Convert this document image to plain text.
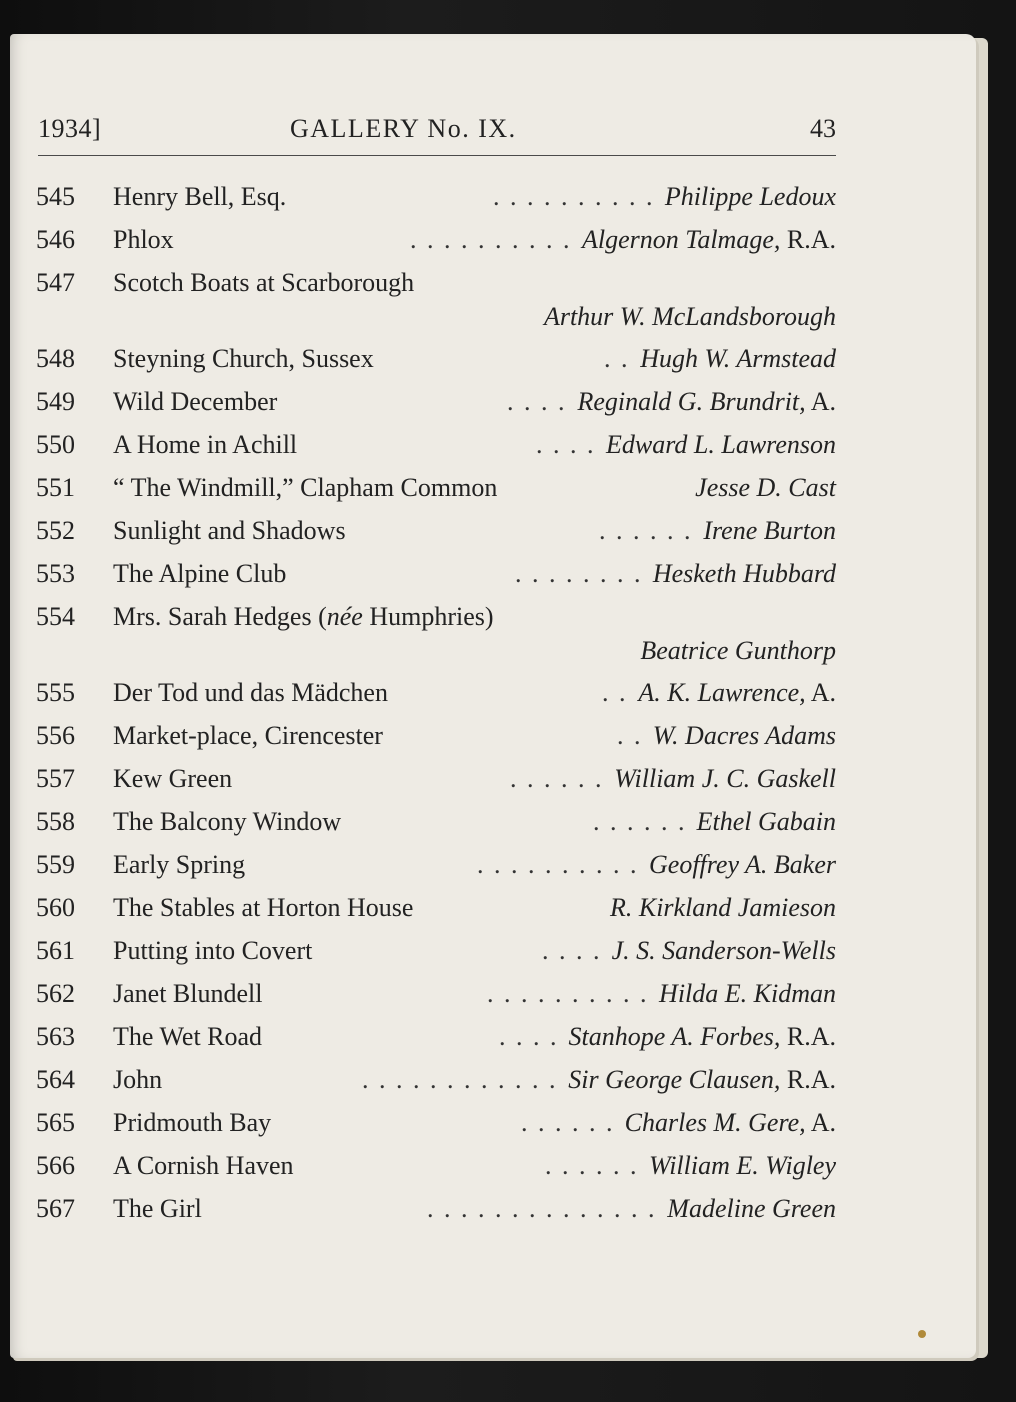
1934]	GALLERY No. IX.	43
545	Henry Bell, Esq.	. . . . . . . . . . Philippe Ledoux
546	Phlox	. . . . . . . . . . Algernon Talmage, R.A.
547	Scotch Boats at Scarborough
Arthur W. McLandsborough
548	Steyning Church, Sussex	. . Hugh W. Armstead
549	Wild December	. . . . Reginald G. Brundrit, A.
550	A Home in Achill	. . . . Edward L. Lawrenson
551	“ The Windmill,” Clapham Common	Jesse D. Cast
552	Sunlight and Shadows	. . . . . . Irene Burton
553	The Alpine Club	. . . . . . . . Hesketh Hubbard
554	Mrs. Sarah Hedges (née Humphries)
Beatrice Gunthorp
555	Der Tod und das Mädchen	. . A. K. Lawrence, A.
556	Market-place, Cirencester	. . W. Dacres Adams
557	Kew Green	. . . . . . William J. C. Gaskell
558	The Balcony Window	. . . . . . Ethel Gabain
559	Early Spring	. . . . . . . . . . Geoffrey A. Baker
560	The Stables at Horton House	R. Kirkland Jamieson
561	Putting into Covert	. . . . J. S. Sanderson-Wells
562	Janet Blundell	. . . . . . . . . . Hilda E. Kidman
563	The Wet Road	. . . . Stanhope A. Forbes, R.A.
564	John	. . . . . . . . . . . . Sir George Clausen, R.A.
565	Pridmouth Bay	. . . . . . Charles M. Gere, A.
566	A Cornish Haven	. . . . . . William E. Wigley
567	The Girl	. . . . . . . . . . . . . . Madeline Green
